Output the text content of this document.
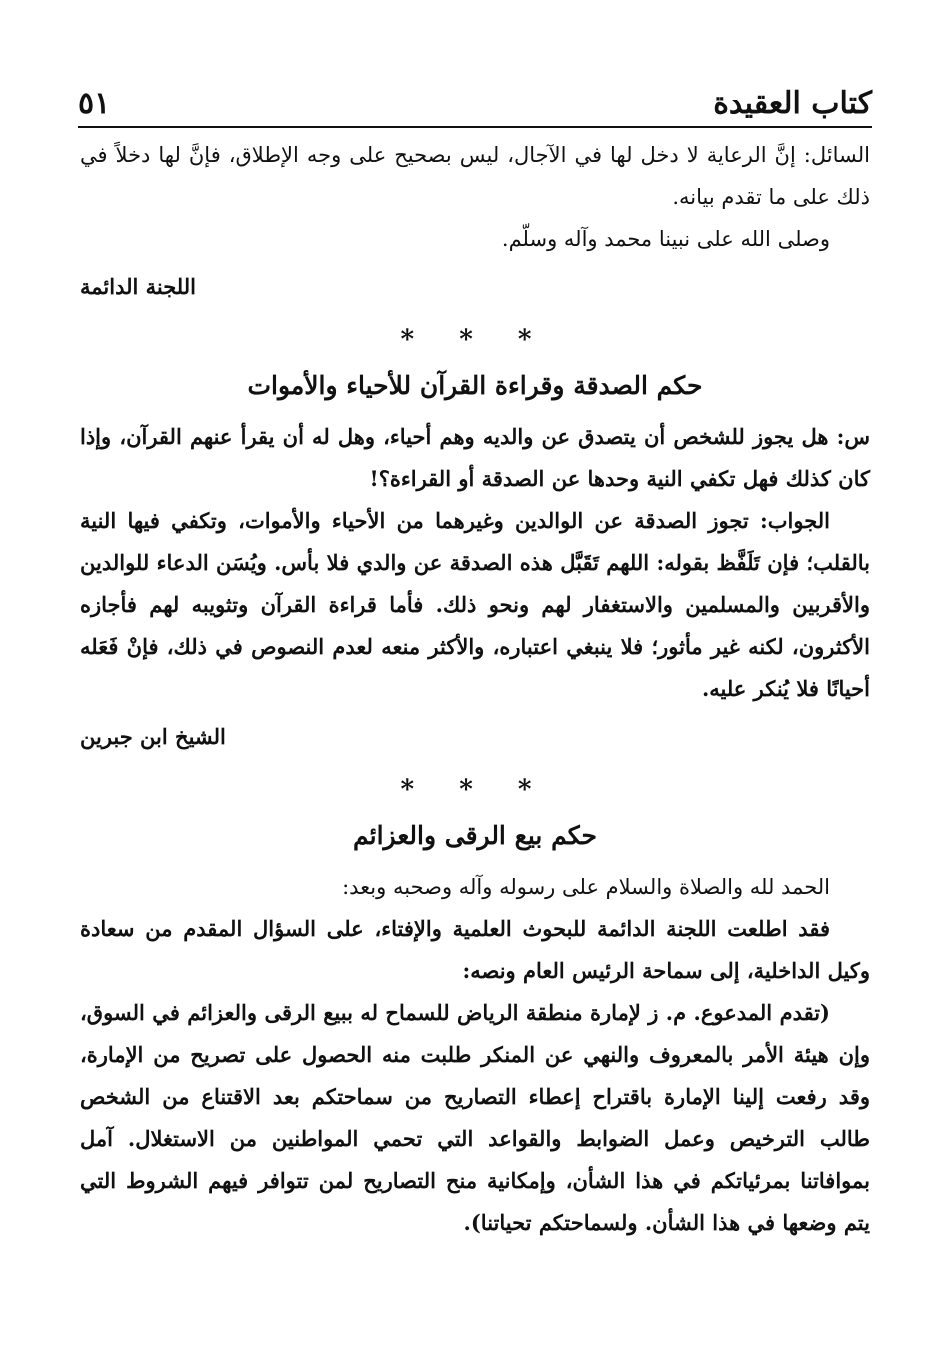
كتاب العقيدة
٥١

السائل: إنَّ الرعاية لا دخل لها في الآجال، ليس بصحيح على وجه الإطلاق، فإنَّ لها دخلاً في ذلك على ما تقدم بيانه.

وصلى الله على نبينا محمد وآله وسلّم.

اللجنة الدائمة

* * *
حكم الصدقة وقراءة القرآن للأحياء والأموات

س: هل يجوز للشخص أن يتصدق عن والديه وهم أحياء، وهل له أن يقرأ عنهم القرآن، وإذا كان كذلك فهل تكفي النية وحدها عن الصدقة أو القراءة؟!

الجواب: تجوز الصدقة عن الوالدين وغيرهما من الأحياء والأموات، وتكفي فيها النية بالقلب؛ فإن تَلَفَّظ بقوله: اللهم تَقَبَّل هذه الصدقة عن والدي فلا بأس. ويُسَن الدعاء للوالدين والأقربين والمسلمين والاستغفار لهم ونحو ذلك. فأما قراءة القرآن وتثويبه لهم فأجازه الأكثرون، لكنه غير مأثور؛ فلا ينبغي اعتباره، والأكثر منعه لعدم النصوص في ذلك، فإنْ فَعَله أحيانًا فلا يُنكر عليه.

الشيخ ابن جبرين

* * *
حكم بيع الرقى والعزائم

الحمد لله والصلاة والسلام على رسوله وآله وصحبه وبعد:

فقد اطلعت اللجنة الدائمة للبحوث العلمية والإفتاء، على السؤال المقدم من سعادة وكيل الداخلية، إلى سماحة الرئيس العام ونصه:

(تقدم المدعوع. م. ز لإمارة منطقة الرياض للسماح له ببيع الرقى والعزائم في السوق، وإن هيئة الأمر بالمعروف والنهي عن المنكر طلبت منه الحصول على تصريح من الإمارة، وقد رفعت إلينا الإمارة باقتراح إعطاء التصاريح من سماحتكم بعد الاقتناع من الشخص طالب الترخيص وعمل الضوابط والقواعد التي تحمي المواطنين من الاستغلال. آمل بموافاتنا بمرئياتكم في هذا الشأن، وإمكانية منح التصاريح لمن تتوافر فيهم الشروط التي يتم وضعها في هذا الشأن. ولسماحتكم تحياتنا).
